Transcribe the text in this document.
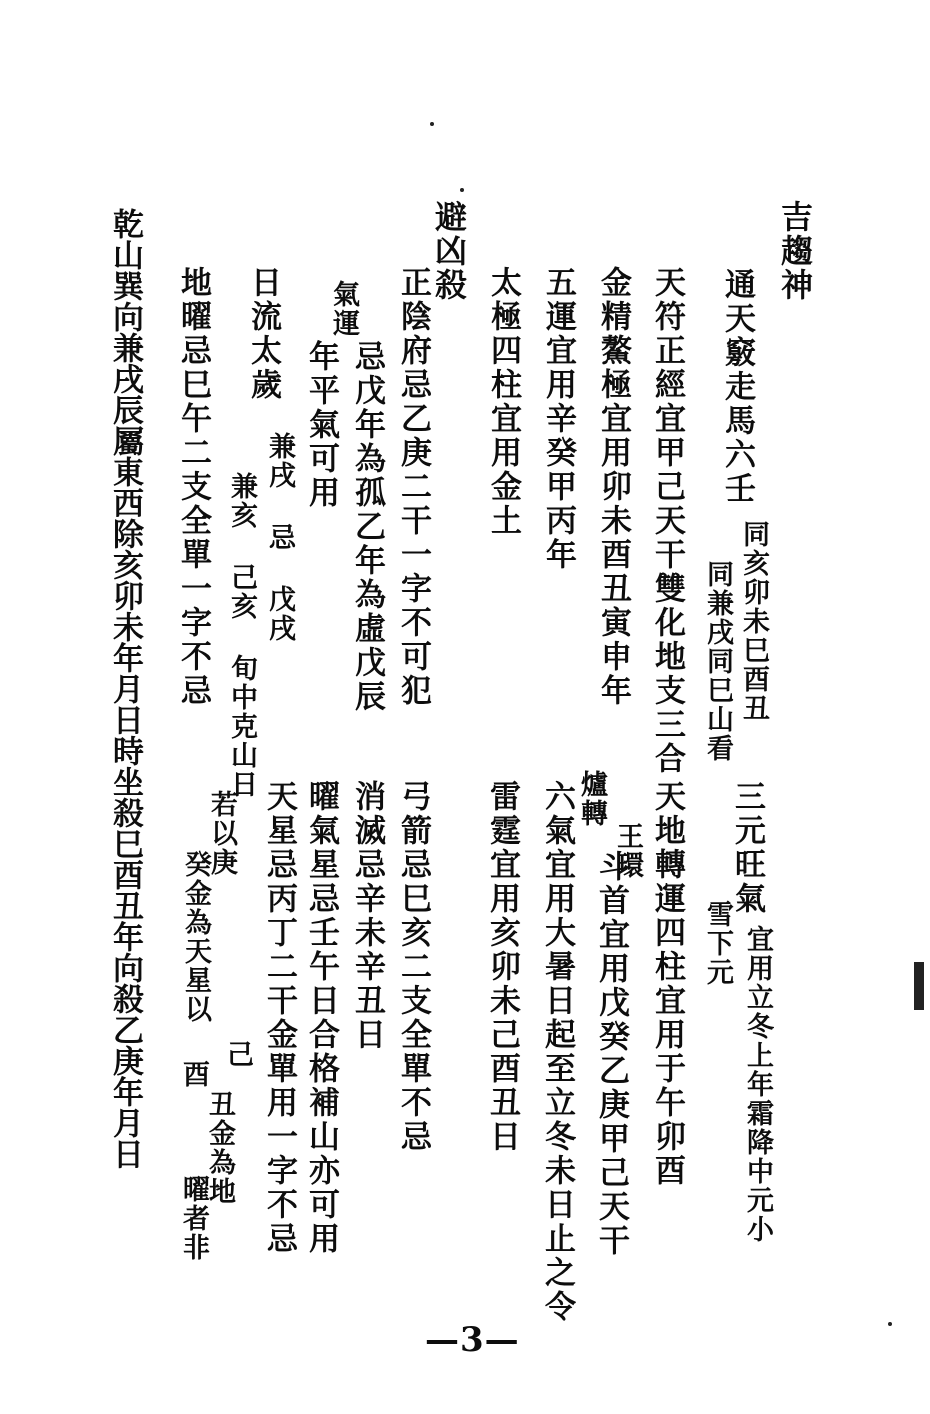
吉趨神
通天竅走馬六壬
同亥卯未巳酉丑
同兼戌同巳山看
天符正經宜甲己天干雙化地支三合
金精鰲極宜用卯未酉丑寅申年
五運宜用辛癸甲丙年
太極四柱宜用金土
三元旺氣
宜用立冬上年霜降中元小
雪下元
天地轉運四柱宜用于午卯酉
王環
爐轉
斗首宜用戊癸乙庚甲己天干
六氣宜用大暑日起至立冬未日止之令
雷霆宜用亥卯未己酉丑日
避凶殺
正陰府忌乙庚二干一字不可犯
忌戊年為孤乙年為虛戊辰
氣運
年平氣可用
日流太歲
兼戌 忌 戊戌
兼亥 己亥 旬中克山日
地曜忌巳午二支全單一字不忌
弓箭忌巳亥二支全單不忌
消滅忌辛未辛丑日
曜氣星忌壬午日合格補山亦可用
天星忌丙丁二干金單用一字不忌
若以庚
癸金為天星以
己
酉
丑金為地
曜者非
乾山巽向兼戌辰屬東西除亥卯未年月日時坐殺巳酉丑年向殺乙庚年月日
—3—
